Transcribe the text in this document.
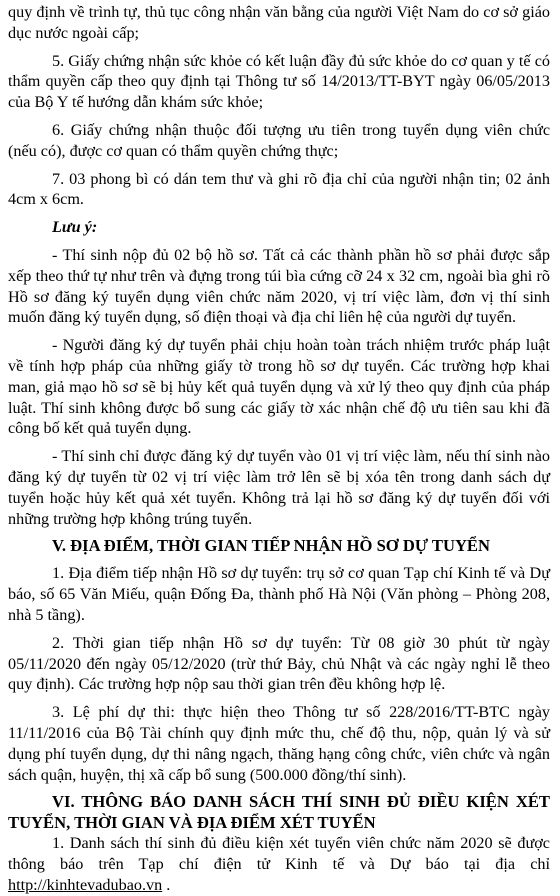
quy định về trình tự, thủ tục công nhận văn bằng của người Việt Nam do cơ sở giáo dục nước ngoài cấp;

5. Giấy chứng nhận sức khỏe có kết luận đầy đủ sức khỏe do cơ quan y tế có thẩm quyền cấp theo quy định tại Thông tư số 14/2013/TT-BYT ngày 06/05/2013 của Bộ Y tế hướng dẫn khám sức khỏe;

6. Giấy chứng nhận thuộc đối tượng ưu tiên trong tuyển dụng viên chức (nếu có), được cơ quan có thẩm quyền chứng thực;

7. 03 phong bì có dán tem thư và ghi rõ địa chỉ của người nhận tin; 02 ảnh 4cm x 6cm.

Lưu ý:

- Thí sinh nộp đủ 02 bộ hồ sơ. Tất cả các thành phần hồ sơ phải được sắp xếp theo thứ tự như trên và đựng trong túi bìa cứng cỡ 24 x 32 cm, ngoài bìa ghi rõ Hồ sơ đăng ký tuyển dụng viên chức năm 2020, vị trí việc làm, đơn vị thí sinh muốn đăng ký tuyển dụng, số điện thoại và địa chỉ liên hệ của người dự tuyển.

- Người đăng ký dự tuyển phải chịu hoàn toàn trách nhiệm trước pháp luật về tính hợp pháp của những giấy tờ trong hồ sơ dự tuyển. Các trường hợp khai man, giả mạo hồ sơ sẽ bị hủy kết quả tuyển dụng và xử lý theo quy định của pháp luật. Thí sinh không được bổ sung các giấy tờ xác nhận chế độ ưu tiên sau khi đã công bố kết quả tuyển dụng.

- Thí sinh chỉ được đăng ký dự tuyển vào 01 vị trí việc làm, nếu thí sinh nào đăng ký dự tuyển từ 02 vị trí việc làm trở lên sẽ bị xóa tên trong danh sách dự tuyển hoặc hủy kết quả xét tuyển. Không trả lại hồ sơ đăng ký dự tuyển đối với những trường hợp không trúng tuyển.

V. ĐỊA ĐIỂM, THỜI GIAN TIẾP NHẬN HỒ SƠ DỰ TUYỂN

1. Địa điểm tiếp nhận Hồ sơ dự tuyển: trụ sở cơ quan Tạp chí Kinh tế và Dự báo, số 65 Văn Miếu, quận Đống Đa, thành phố Hà Nội (Văn phòng – Phòng 208, nhà 5 tầng).

2. Thời gian tiếp nhận Hồ sơ dự tuyển: Từ 08 giờ 30 phút từ ngày 05/11/2020 đến ngày 05/12/2020 (trừ thứ Bảy, chủ Nhật và các ngày nghỉ lễ theo quy định). Các trường hợp nộp sau thời gian trên đều không hợp lệ.

3. Lệ phí dự thi: thực hiện theo Thông tư số 228/2016/TT-BTC ngày 11/11/2016 của Bộ Tài chính quy định mức thu, chế độ thu, nộp, quản lý và sử dụng phí tuyển dụng, dự thi nâng ngạch, thăng hạng công chức, viên chức và ngân sách quận, huyện, thị xã cấp bổ sung (500.000 đồng/thí sinh).

VI. THÔNG BÁO DANH SÁCH THÍ SINH ĐỦ ĐIỀU KIỆN XÉT TUYỂN, THỜI GIAN VÀ ĐỊA ĐIỂM XÉT TUYỂN

1. Danh sách thí sinh đủ điều kiện xét tuyển viên chức năm 2020 sẽ được thông báo trên Tạp chí điện tử Kinh tế và Dự báo tại địa chỉ http://kinhtevadubao.vn .
